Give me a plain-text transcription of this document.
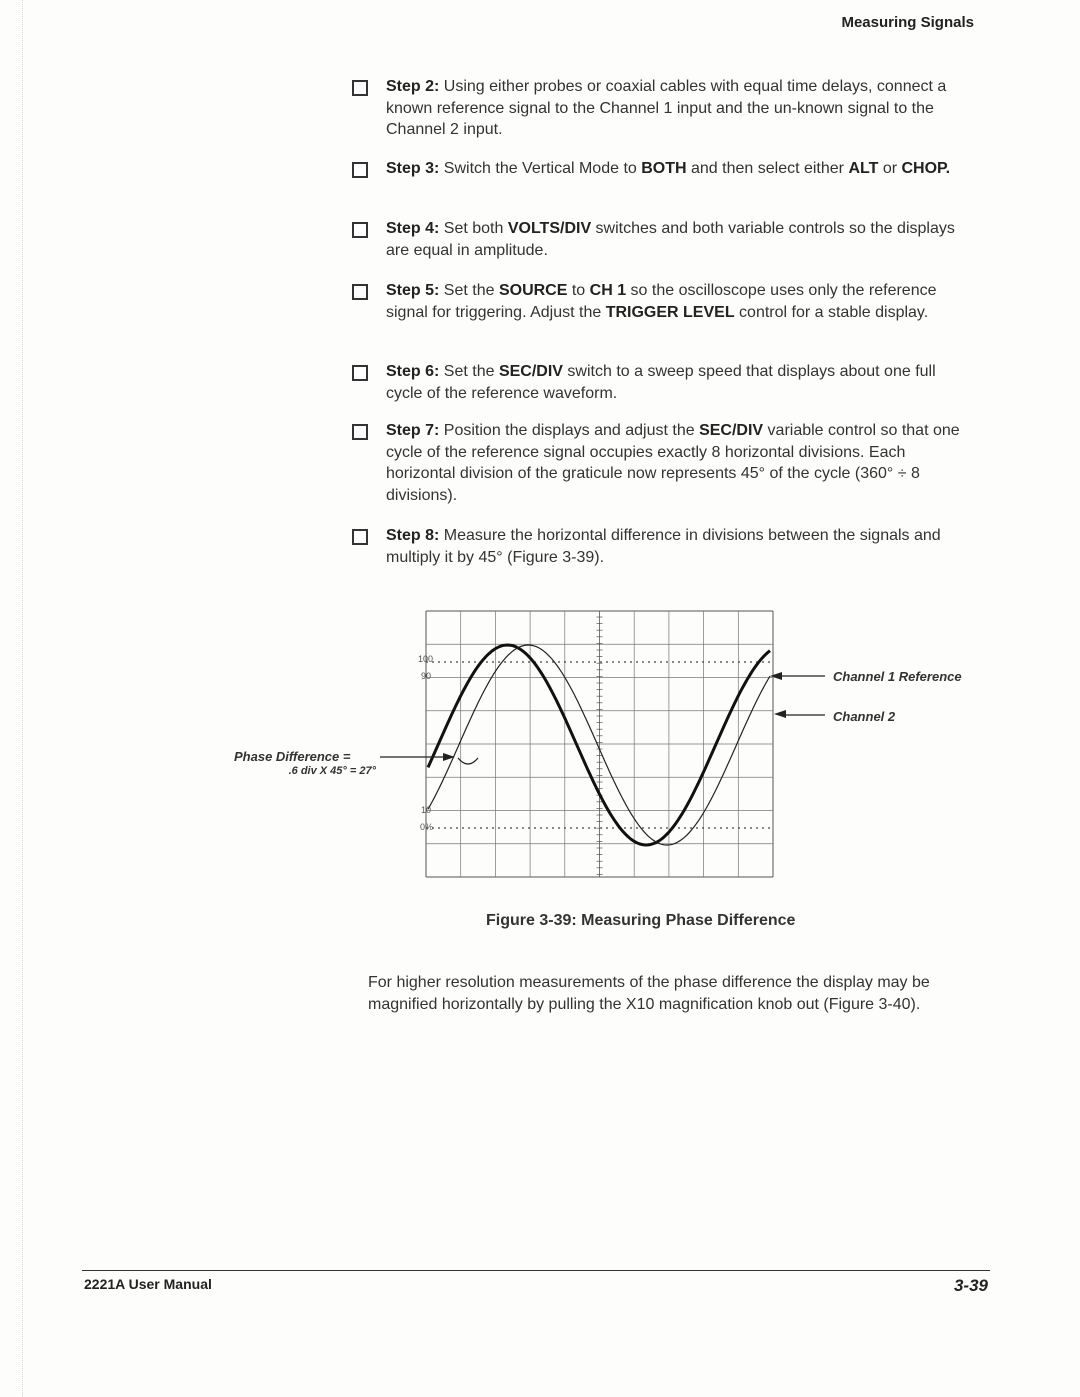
Measuring Signals
Step 2: Using either probes or coaxial cables with equal time delays, connect a known reference signal to the Channel 1 input and the un-known signal to the Channel 2 input.
Step 3: Switch the Vertical Mode to BOTH and then select either ALT or CHOP.
Step 4: Set both VOLTS/DIV switches and both variable controls so the displays are equal in amplitude.
Step 5: Set the SOURCE to CH 1 so the oscilloscope uses only the reference signal for triggering. Adjust the TRIGGER LEVEL control for a stable display.
Step 6: Set the SEC/DIV switch to a sweep speed that displays about one full cycle of the reference waveform.
Step 7: Position the displays and adjust the SEC/DIV variable control so that one cycle of the reference signal occupies exactly 8 horizontal divisions. Each horizontal division of the graticule now represents 45° of the cycle (360° ÷ 8 divisions).
Step 8: Measure the horizontal difference in divisions between the signals and multiply it by 45° (Figure 3-39).
100
90
10
0%
Channel 1 Reference
Channel 2
Phase Difference =
.6 div X 45° = 27°
Figure 3-39: Measuring Phase Difference
For higher resolution measurements of the phase difference the display may be magnified horizontally by pulling the X10 magnification knob out (Figure 3-40).
2221A User Manual	3-39
